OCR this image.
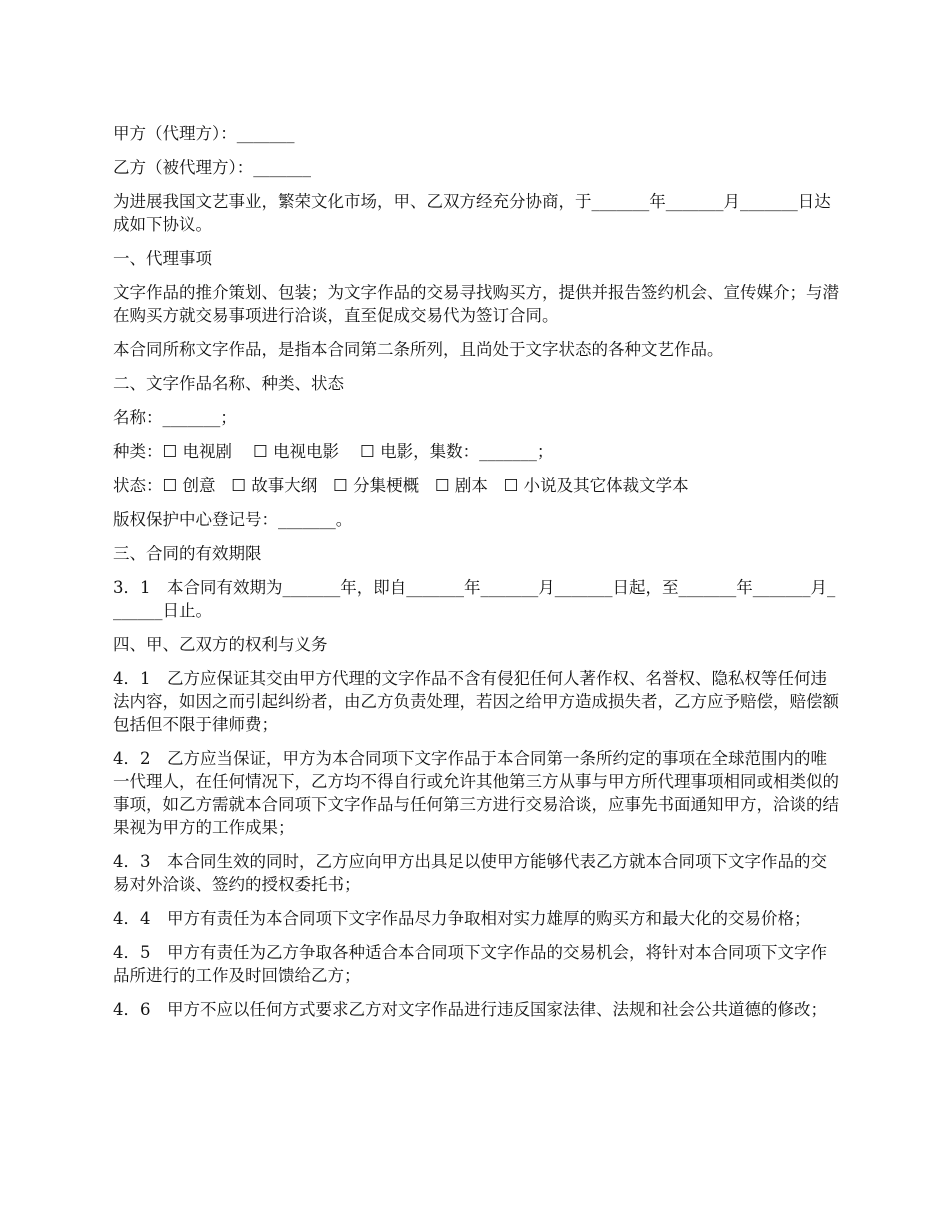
甲方（代理方）：_______

乙方（被代理方）：_______

为进展我国文艺事业，繁荣文化市场，甲、乙双方经充分协商，于_______年_______月_______日达成如下协议。

一、代理事项

文字作品的推介策划、包装；为文字作品的交易寻找购买方，提供并报告签约机会、宣传媒介；与潜在购买方就交易事项进行洽谈，直至促成交易代为签订合同。

本合同所称文字作品，是指本合同第二条所列，且尚处于文字状态的各种文艺作品。

二、文字作品名称、种类、状态

名称：_______；

种类：☐ 电视剧    ☐ 电视电影    ☐ 电影，集数：_______；

状态：☐ 创意   ☐ 故事大纲   ☐ 分集梗概   ☐ 剧本   ☐ 小说及其它体裁文学本

版权保护中心登记号：_______。

三、合同的有效期限

3．1　本合同有效期为_______年，即自_______年_______月_______日起，至_______年_______月_______日止。

四、甲、乙双方的权利与义务

4．1　乙方应保证其交由甲方代理的文字作品不含有侵犯任何人著作权、名誉权、隐私权等任何违法内容，如因之而引起纠纷者，由乙方负责处理，若因之给甲方造成损失者，乙方应予赔偿，赔偿额包括但不限于律师费；

4．2　乙方应当保证，甲方为本合同项下文字作品于本合同第一条所约定的事项在全球范围内的唯一代理人，在任何情况下，乙方均不得自行或允许其他第三方从事与甲方所代理事项相同或相类似的事项，如乙方需就本合同项下文字作品与任何第三方进行交易洽谈，应事先书面通知甲方，洽谈的结果视为甲方的工作成果；

4．3　本合同生效的同时，乙方应向甲方出具足以使甲方能够代表乙方就本合同项下文字作品的交易对外洽谈、签约的授权委托书；

4．4　甲方有责任为本合同项下文字作品尽力争取相对实力雄厚的购买方和最大化的交易价格；

4．5　甲方有责任为乙方争取各种适合本合同项下文字作品的交易机会，将针对本合同项下文字作品所进行的工作及时回馈给乙方；

4．6　甲方不应以任何方式要求乙方对文字作品进行违反国家法律、法规和社会公共道德的修改；
